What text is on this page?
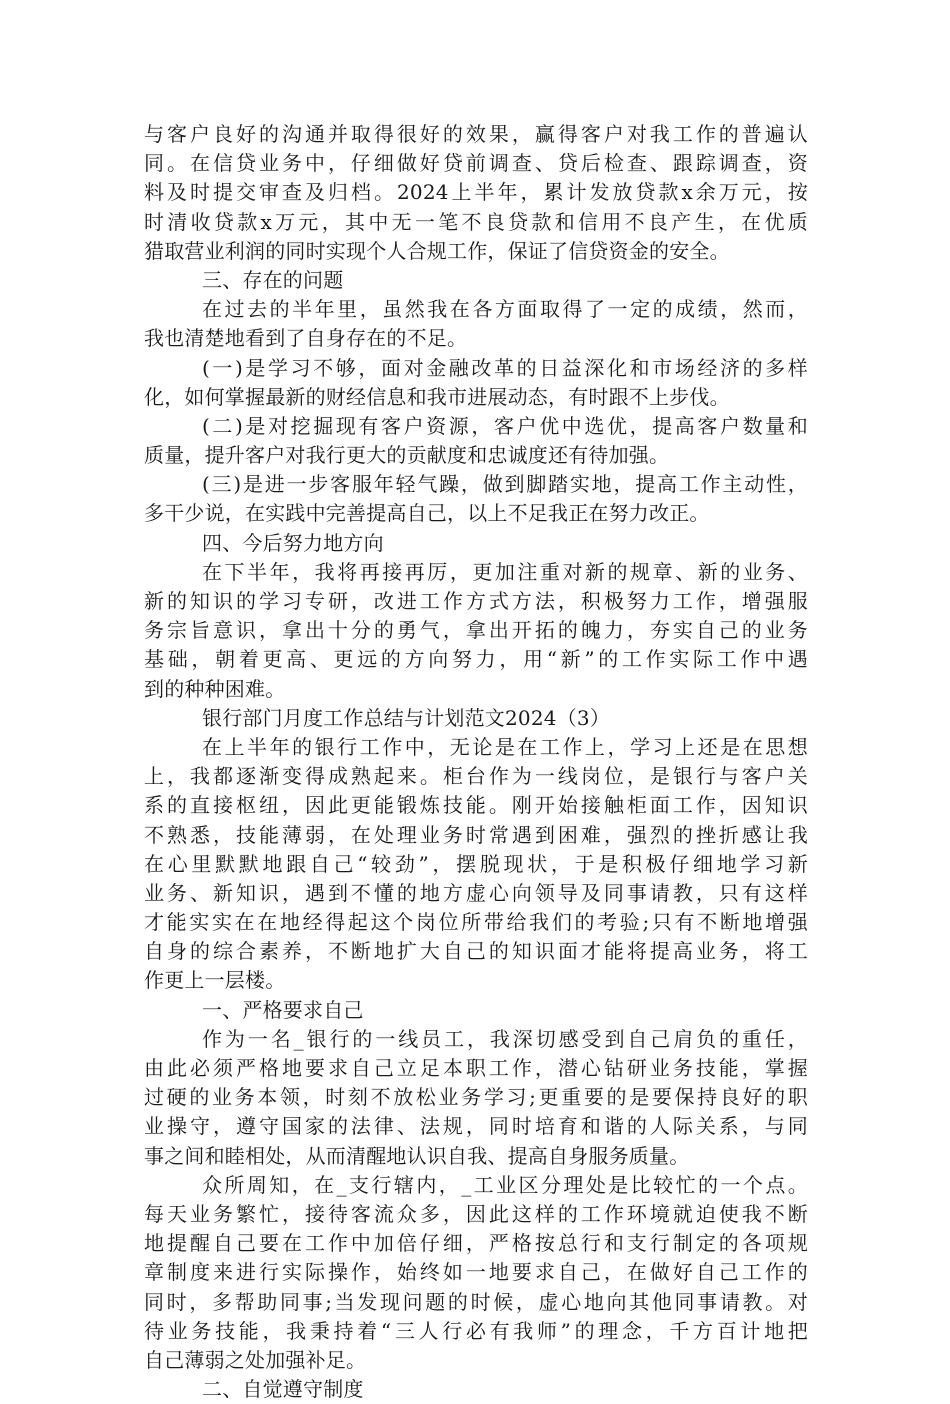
与客户良好的沟通并取得很好的效果，赢得客户对我工作的普遍认
同。在信贷业务中，仔细做好贷前调查、贷后检查、跟踪调查，资
料及时提交审查及归档。2024上半年，累计发放贷款x余万元，按
时清收贷款x万元，其中无一笔不良贷款和信用不良产生，在优质
猎取营业利润的同时实现个人合规工作，保证了信贷资金的安全。
三、存在的问题
在过去的半年里，虽然我在各方面取得了一定的成绩，然而，
我也清楚地看到了自身存在的不足。
(一)是学习不够，面对金融改革的日益深化和市场经济的多样
化，如何掌握最新的财经信息和我市进展动态，有时跟不上步伐。
(二)是对挖掘现有客户资源，客户优中选优，提高客户数量和
质量，提升客户对我行更大的贡献度和忠诚度还有待加强。
(三)是进一步客服年轻气躁，做到脚踏实地，提高工作主动性，
多干少说，在实践中完善提高自己，以上不足我正在努力改正。
四、今后努力地方向
在下半年，我将再接再厉，更加注重对新的规章、新的业务、
新的知识的学习专研，改进工作方式方法，积极努力工作，增强服
务宗旨意识，拿出十分的勇气，拿出开拓的魄力，夯实自己的业务
基础，朝着更高、更远的方向努力，用“新”的工作实际工作中遇
到的种种困难。
银行部门月度工作总结与计划范文2024（3）
在上半年的银行工作中，无论是在工作上，学习上还是在思想
上，我都逐渐变得成熟起来。柜台作为一线岗位，是银行与客户关
系的直接枢纽，因此更能锻炼技能。刚开始接触柜面工作，因知识
不熟悉，技能薄弱，在处理业务时常遇到困难，强烈的挫折感让我
在心里默默地跟自己“较劲”，摆脱现状，于是积极仔细地学习新
业务、新知识，遇到不懂的地方虚心向领导及同事请教，只有这样
才能实实在在地经得起这个岗位所带给我们的考验;只有不断地增强
自身的综合素养，不断地扩大自己的知识面才能将提高业务，将工
作更上一层楼。
一、严格要求自己
作为一名_银行的一线员工，我深切感受到自己肩负的重任，
由此必须严格地要求自己立足本职工作，潜心钻研业务技能，掌握
过硬的业务本领，时刻不放松业务学习;更重要的是要保持良好的职
业操守，遵守国家的法律、法规，同时培育和谐的人际关系，与同
事之间和睦相处，从而清醒地认识自我、提高自身服务质量。
众所周知，在_支行辖内，_工业区分理处是比较忙的一个点。
每天业务繁忙，接待客流众多，因此这样的工作环境就迫使我不断
地提醒自己要在工作中加倍仔细，严格按总行和支行制定的各项规
章制度来进行实际操作，始终如一地要求自己，在做好自己工作的
同时，多帮助同事;当发现问题的时候，虚心地向其他同事请教。对
待业务技能，我秉持着“三人行必有我师”的理念，千方百计地把
自己薄弱之处加强补足。
二、自觉遵守制度
